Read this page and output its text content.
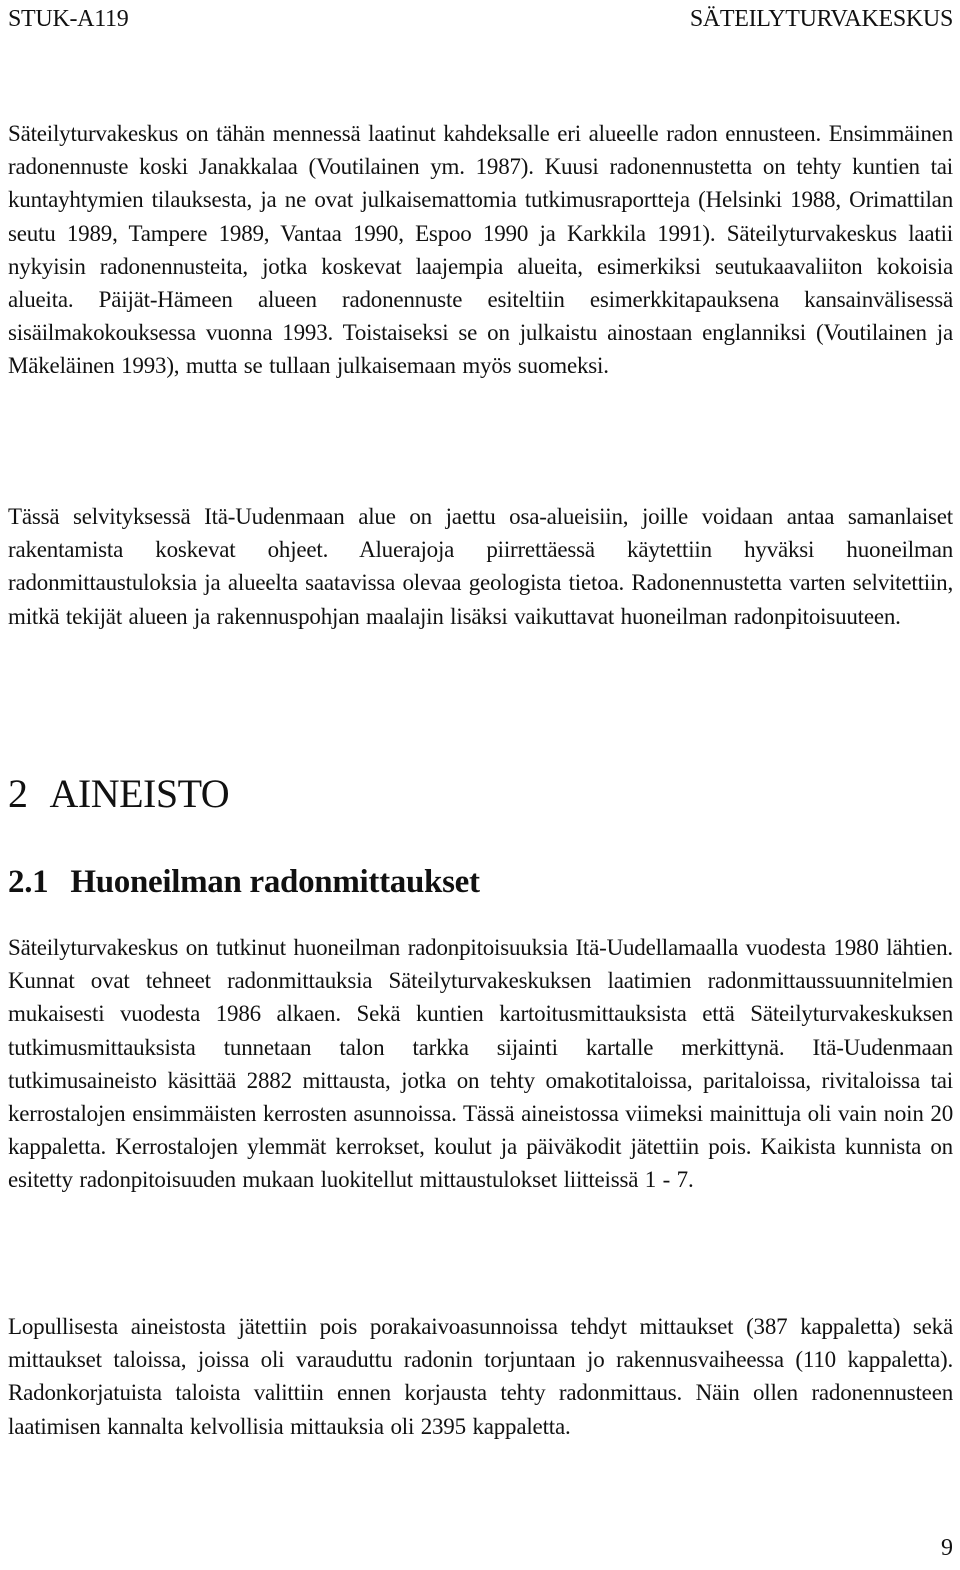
STUK-A119	SÄTEILYTURVAKESKUS

Säteilyturvakeskus on tähän mennessä laatinut kahdeksalle eri alueelle radon ennusteen. Ensimmäinen radonennuste koski Janakkalaa (Voutilainen ym. 1987). Kuusi radonennustetta on tehty kuntien tai kuntayhtymien tilauksesta, ja ne ovat julkaisemattomia tutkimusraportteja (Helsinki 1988, Orimattilan seutu 1989, Tampere 1989, Vantaa 1990, Espoo 1990 ja Karkkila 1991). Säteilyturvakeskus laatii nykyisin radonennusteita, jotka koskevat laajempia alueita, esimerkiksi seutukaavaliiton kokoisia alueita. Päijät-Hämeen alueen radonennuste esiteltiin esimerkkitapauksena kansainvälisessä sisäilmakokouksessa vuonna 1993. Toistaiseksi se on julkaistu ainostaan englanniksi (Voutilainen ja Mäkeläinen 1993), mutta se tullaan julkaisemaan myös suomeksi.

Tässä selvityksessä Itä-Uudenmaan alue on jaettu osa-alueisiin, joille voidaan antaa samanlaiset rakentamista koskevat ohjeet. Aluerajoja piirrettäessä käytettiin hyväksi huoneilman radonmittaustuloksia ja alueelta saatavissa olevaa geologista tietoa. Radonennustetta varten selvitettiin, mitkä tekijät alueen ja rakennuspohjan maalajin lisäksi vaikuttavat huoneilman radonpitoisuuteen.

2 AINEISTO
2.1 Huoneilman radonmittaukset

Säteilyturvakeskus on tutkinut huoneilman radonpitoisuuksia Itä-Uudellamaalla vuodesta 1980 lähtien. Kunnat ovat tehneet radonmittauksia Säteilyturvakeskuksen laatimien radonmittaussuunnitelmien mukaisesti vuodesta 1986 alkaen. Sekä kuntien kartoitusmittauksista että Säteilyturvakeskuksen tutkimusmittauksista tunnetaan talon tarkka sijainti kartalle merkittynä. Itä-Uudenmaan tutkimusaineisto käsittää 2882 mittausta, jotka on tehty omakotitaloissa, paritaloissa, rivitaloissa tai kerrostalojen ensimmäisten kerrosten asunnoissa. Tässä aineistossa viimeksi mainittuja oli vain noin 20 kappaletta. Kerrostalojen ylemmät kerrokset, koulut ja päiväkodit jätettiin pois. Kaikista kunnista on esitetty radonpitoisuuden mukaan luokitellut mittaustulokset liitteissä 1 - 7.

Lopullisesta aineistosta jätettiin pois porakaivoasunnoissa tehdyt mittaukset (387 kappaletta) sekä mittaukset taloissa, joissa oli varauduttu radonin torjuntaan jo rakennusvaiheessa (110 kappaletta). Radonkorjatuista taloista valittiin ennen korjausta tehty radonmittaus. Näin ollen radonennusteen laatimisen kannalta kelvollisia mittauksia oli 2395 kappaletta.

9
